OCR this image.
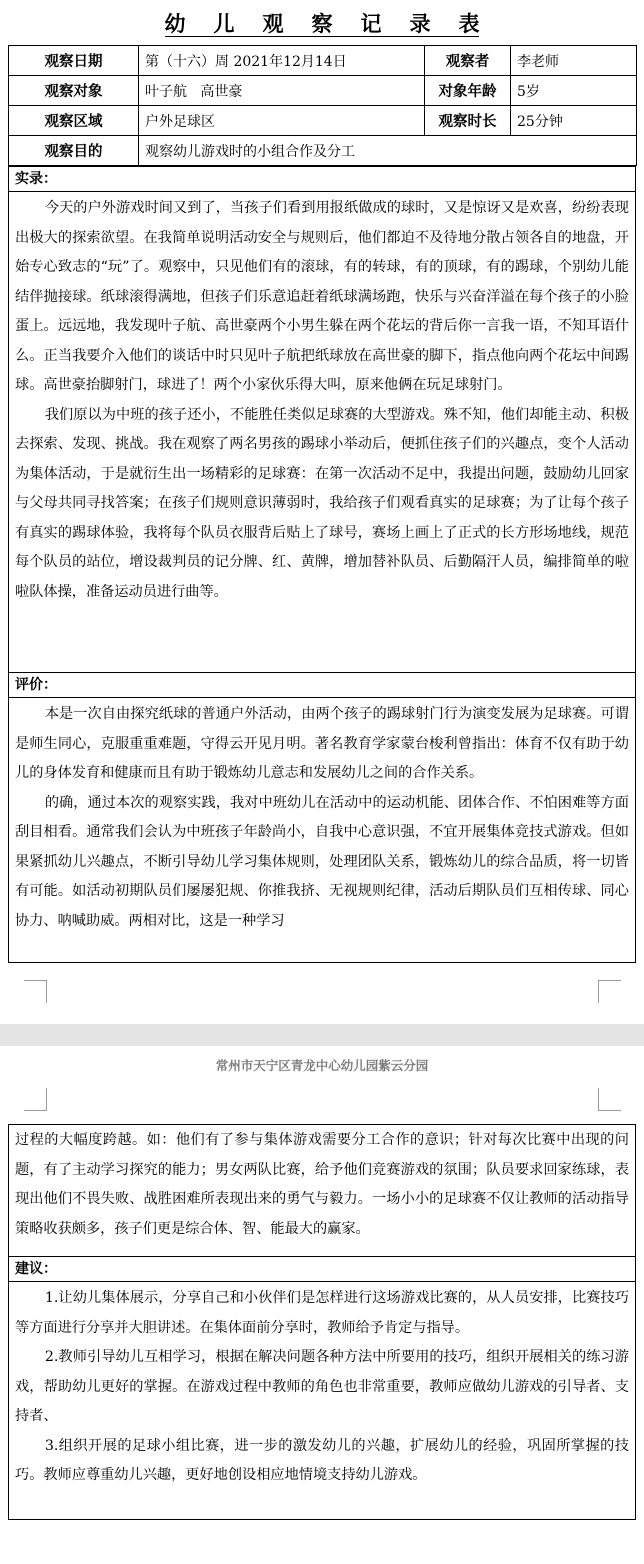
幼 儿 观 察 记 录 表
观察日期	第（十六）周 2021年12月14日	观察者	李老师
观察对象	叶子航   高世豪	对象年龄	5岁
观察区域	户外足球区	观察时长	25分钟
观察目的	观察幼儿游戏时的小组合作及分工		
实录：

今天的户外游戏时间又到了，当孩子们看到用报纸做成的球时，又是惊讶又是欢喜，纷纷表现出极大的探索欲望。在我简单说明活动安全与规则后，他们都迫不及待地分散占领各自的地盘，开始专心致志的“玩”了。观察中，只见他们有的滚球，有的转球，有的顶球，有的踢球，个别幼儿能结伴抛接球。纸球滚得满地，但孩子们乐意追赶着纸球满场跑，快乐与兴奋洋溢在每个孩子的小脸蛋上。远远地，我发现叶子航、高世豪两个小男生躲在两个花坛的背后你一言我一语，不知耳语什么。正当我要介入他们的谈话中时只见叶子航把纸球放在高世豪的脚下，指点他向两个花坛中间踢球。高世豪抬脚射门，球进了！两个小家伙乐得大叫，原来他俩在玩足球射门。

我们原以为中班的孩子还小，不能胜任类似足球赛的大型游戏。殊不知，他们却能主动、积极去探索、发现、挑战。我在观察了两名男孩的踢球小举动后，便抓住孩子们的兴趣点，变个人活动为集体活动，于是就衍生出一场精彩的足球赛：在第一次活动不足中，我提出问题，鼓励幼儿回家与父母共同寻找答案；在孩子们规则意识薄弱时，我给孩子们观看真实的足球赛；为了让每个孩子有真实的踢球体验，我将每个队员衣服背后贴上了球号，赛场上画上了正式的长方形场地线，规范每个队员的站位，增设裁判员的记分牌、红、黄牌，增加替补队员、后勤隔汗人员，编排简单的啦啦队体操，准备运动员进行曲等。

评价：

本是一次自由探究纸球的普通户外活动，由两个孩子的踢球射门行为演变发展为足球赛。可谓是师生同心，克服重重难题，守得云开见月明。著名教育学家蒙台梭利曾指出：体育不仅有助于幼儿的身体发育和健康而且有助于锻炼幼儿意志和发展幼儿之间的合作关系。

的确，通过本次的观察实践，我对中班幼儿在活动中的运动机能、团体合作、不怕困难等方面刮目相看。通常我们会认为中班孩子年龄尚小，自我中心意识强，不宜开展集体竞技式游戏。但如果紧抓幼儿兴趣点，不断引导幼儿学习集体规则，处理团队关系，锻炼幼儿的综合品质，将一切皆有可能。如活动初期队员们屡屡犯规、你推我挤、无视规则纪律，活动后期队员们互相传球、同心协力、呐喊助威。两相对比，这是一种学习

常州市天宁区青龙中心幼儿园紫云分园

过程的大幅度跨越。如：他们有了参与集体游戏需要分工合作的意识；针对每次比赛中出现的问题，有了主动学习探究的能力；男女两队比赛，给予他们竞赛游戏的氛围；队员要求回家练球，表现出他们不畏失败、战胜困难所表现出来的勇气与毅力。一场小小的足球赛不仅让教师的活动指导策略收获颇多，孩子们更是综合体、智、能最大的赢家。

建议：

1.让幼儿集体展示，分享自己和小伙伴们是怎样进行这场游戏比赛的，从人员安排，比赛技巧等方面进行分享并大胆讲述。在集体面前分享时，教师给予肯定与指导。

2.教师引导幼儿互相学习，根据在解决问题各种方法中所要用的技巧，组织开展相关的练习游戏，帮助幼儿更好的掌握。在游戏过程中教师的角色也非常重要，教师应做幼儿游戏的引导者、支持者、

3.组织开展的足球小组比赛，进一步的激发幼儿的兴趣，扩展幼儿的经验，巩固所掌握的技巧。教师应尊重幼儿兴趣，更好地创设相应地情境支持幼儿游戏。
